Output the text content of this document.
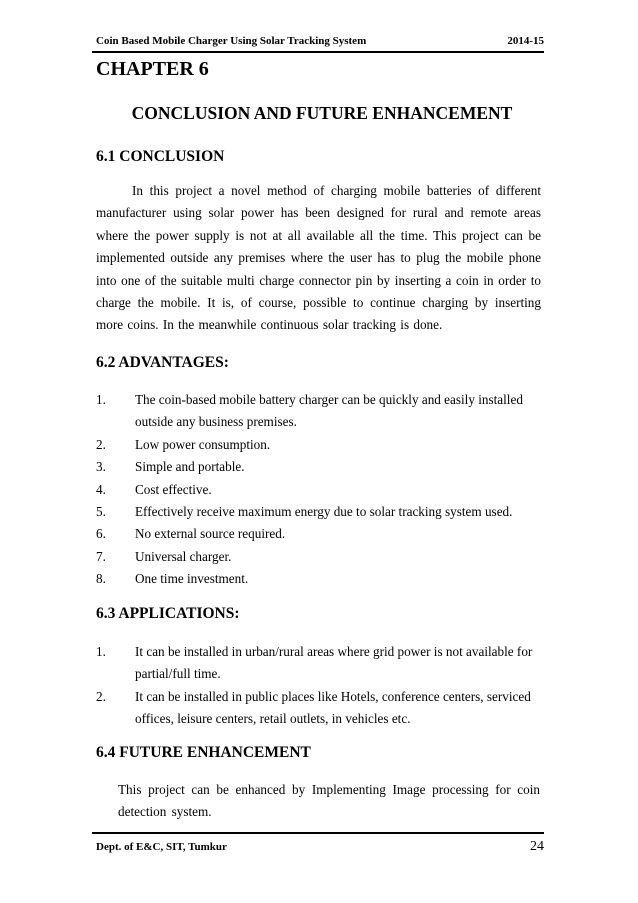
Coin Based Mobile Charger Using Solar Tracking System	2014-15
CHAPTER 6
CONCLUSION AND FUTURE ENHANCEMENT
6.1 CONCLUSION
In this project a novel method of charging mobile batteries of different manufacturer using solar power has been designed for rural and remote areas where the power supply is not at all available all the time. This project can be implemented outside any premises where the user has to plug the mobile phone into one of the suitable multi charge connector pin by inserting a coin in order to charge the mobile. It is, of course, possible to continue charging by inserting more coins. In the meanwhile continuous solar tracking is done.
6.2 ADVANTAGES:
1.	The coin-based mobile battery charger can be quickly and easily installed outside any business premises.
2.	Low power consumption.
3.	Simple and portable.
4.	Cost effective.
5.	Effectively receive maximum energy due to solar tracking system used.
6.	No external source required.
7.	Universal charger.
8.	One time investment.
6.3 APPLICATIONS:
1.	It can be installed in urban/rural areas where grid power is not available for partial/full time.
2.	It can be installed in public places like Hotels, conference centers, serviced offices, leisure centers, retail outlets, in vehicles etc.
6.4 FUTURE ENHANCEMENT
This project can be enhanced by Implementing Image processing for coin detection system.
Dept. of E&C, SIT, Tumkur	24
